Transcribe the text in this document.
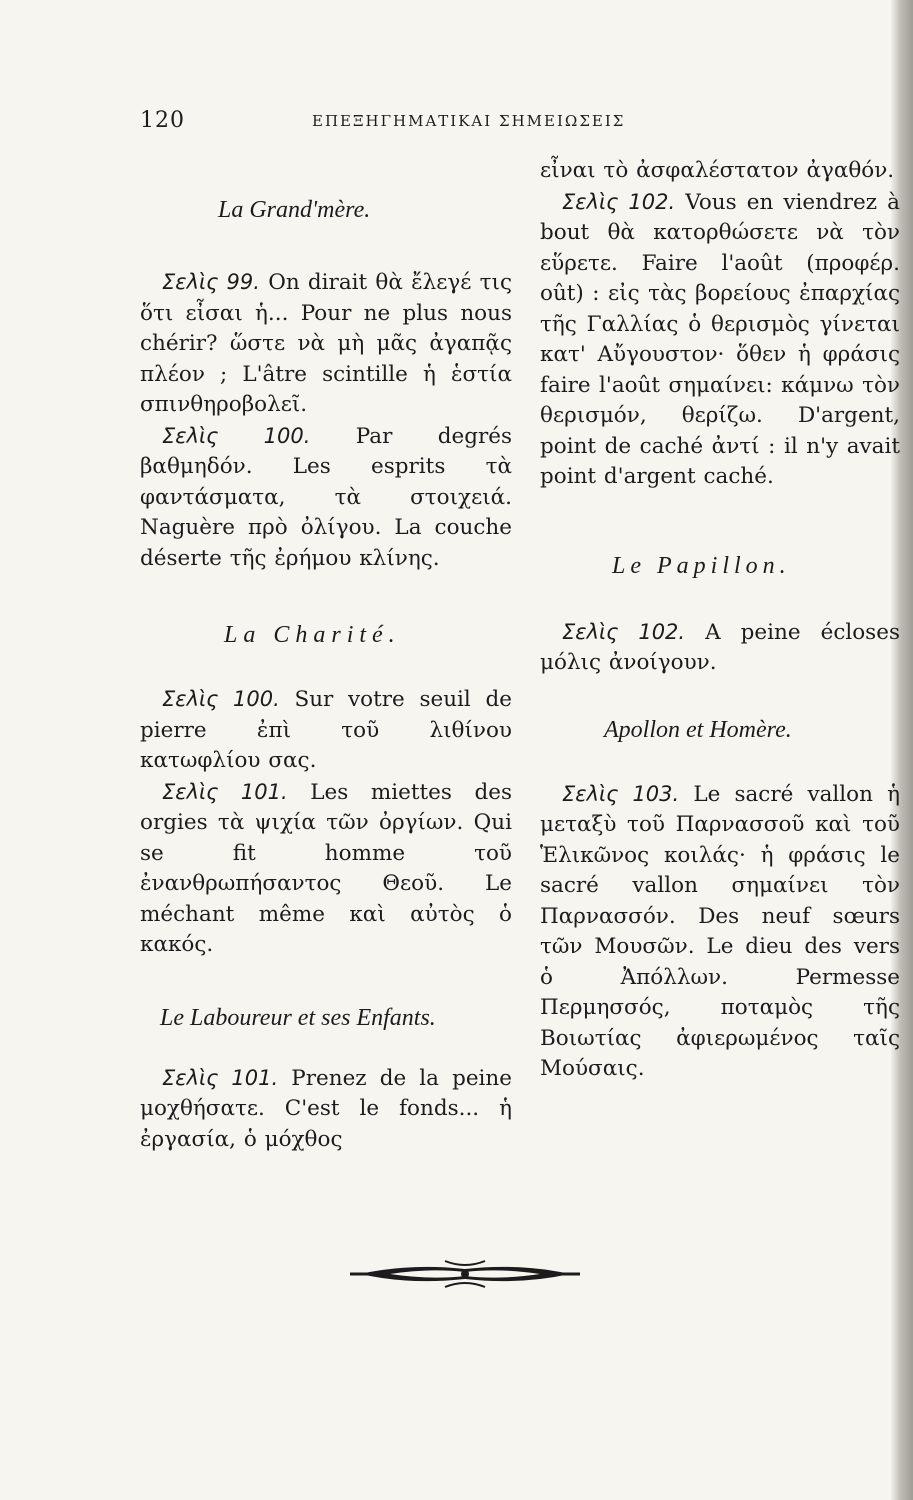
120	ΕΠΕΞΗΓΗΜΑΤΙΚΑΙ ΣΗΜΕΙΩΣΕΙΣ

La Grand'mère.

Σελὶς 99. On dirait θὰ ἔλεγέ τις ὅτι εἶσαι ἡ... Pour ne plus nous chérir? ὥστε νὰ μὴ μᾶς ἀγαπᾷς πλέον ; L'âtre scintille ἡ ἑστία σπινθηροβολεῖ.

Σελὶς 100. Par degrés βαθμηδόν. Les esprits τὰ φαντάσματα, τὰ στοιχειά. Naguère πρὸ ὀλίγου. La couche déserte τῆς ἐρήμου κλίνης.

La Charité.

Σελὶς 100. Sur votre seuil de pierre ἐπὶ τοῦ λιθίνου κατωφλίου σας.

Σελὶς 101. Les miettes des orgies τὰ ψιχία τῶν ὀργίων. Qui se fit homme τοῦ ἐνανθρωπήσαντος Θεοῦ. Le méchant même καὶ αὐτὸς ὁ κακός.

Le Laboureur et ses Enfants.

Σελὶς 101. Prenez de la peine μοχθήσατε. C'est le fonds... ἡ ἐργασία, ὁ μόχθος

εἶναι τὸ ἀσφαλέστατον ἀγαθόν.

Σελὶς 102. Vous en viendrez à bout θὰ κατορθώσετε νὰ τὸν εὕρετε. Faire l'août (προφέρ. oût) : εἰς τὰς βορείους ἐπαρχίας τῆς Γαλλίας ὁ θερισμὸς γίνεται κατ' Αὔγουστον· ὅθεν ἡ φράσις faire l'août σημαίνει: κάμνω τὸν θερισμόν, θερίζω. D'argent, point de caché ἀντί : il n'y avait point d'argent caché.

Le Papillon.

Σελὶς 102. A peine écloses μόλις ἀνοίγουν.

Apollon et Homère.

Σελὶς 103. Le sacré vallon ἡ μεταξὺ τοῦ Παρνασσοῦ καὶ τοῦ Ἑλικῶνος κοιλάς· ἡ φράσις le sacré vallon σημαίνει τὸν Παρνασσόν. Des neuf sœurs τῶν Μουσῶν. Le dieu des vers ὁ Ἀπόλλων. Permesse Περμησσός, ποταμὸς τῆς Βοιωτίας ἀφιερωμένος ταῖς Μούσαις.
